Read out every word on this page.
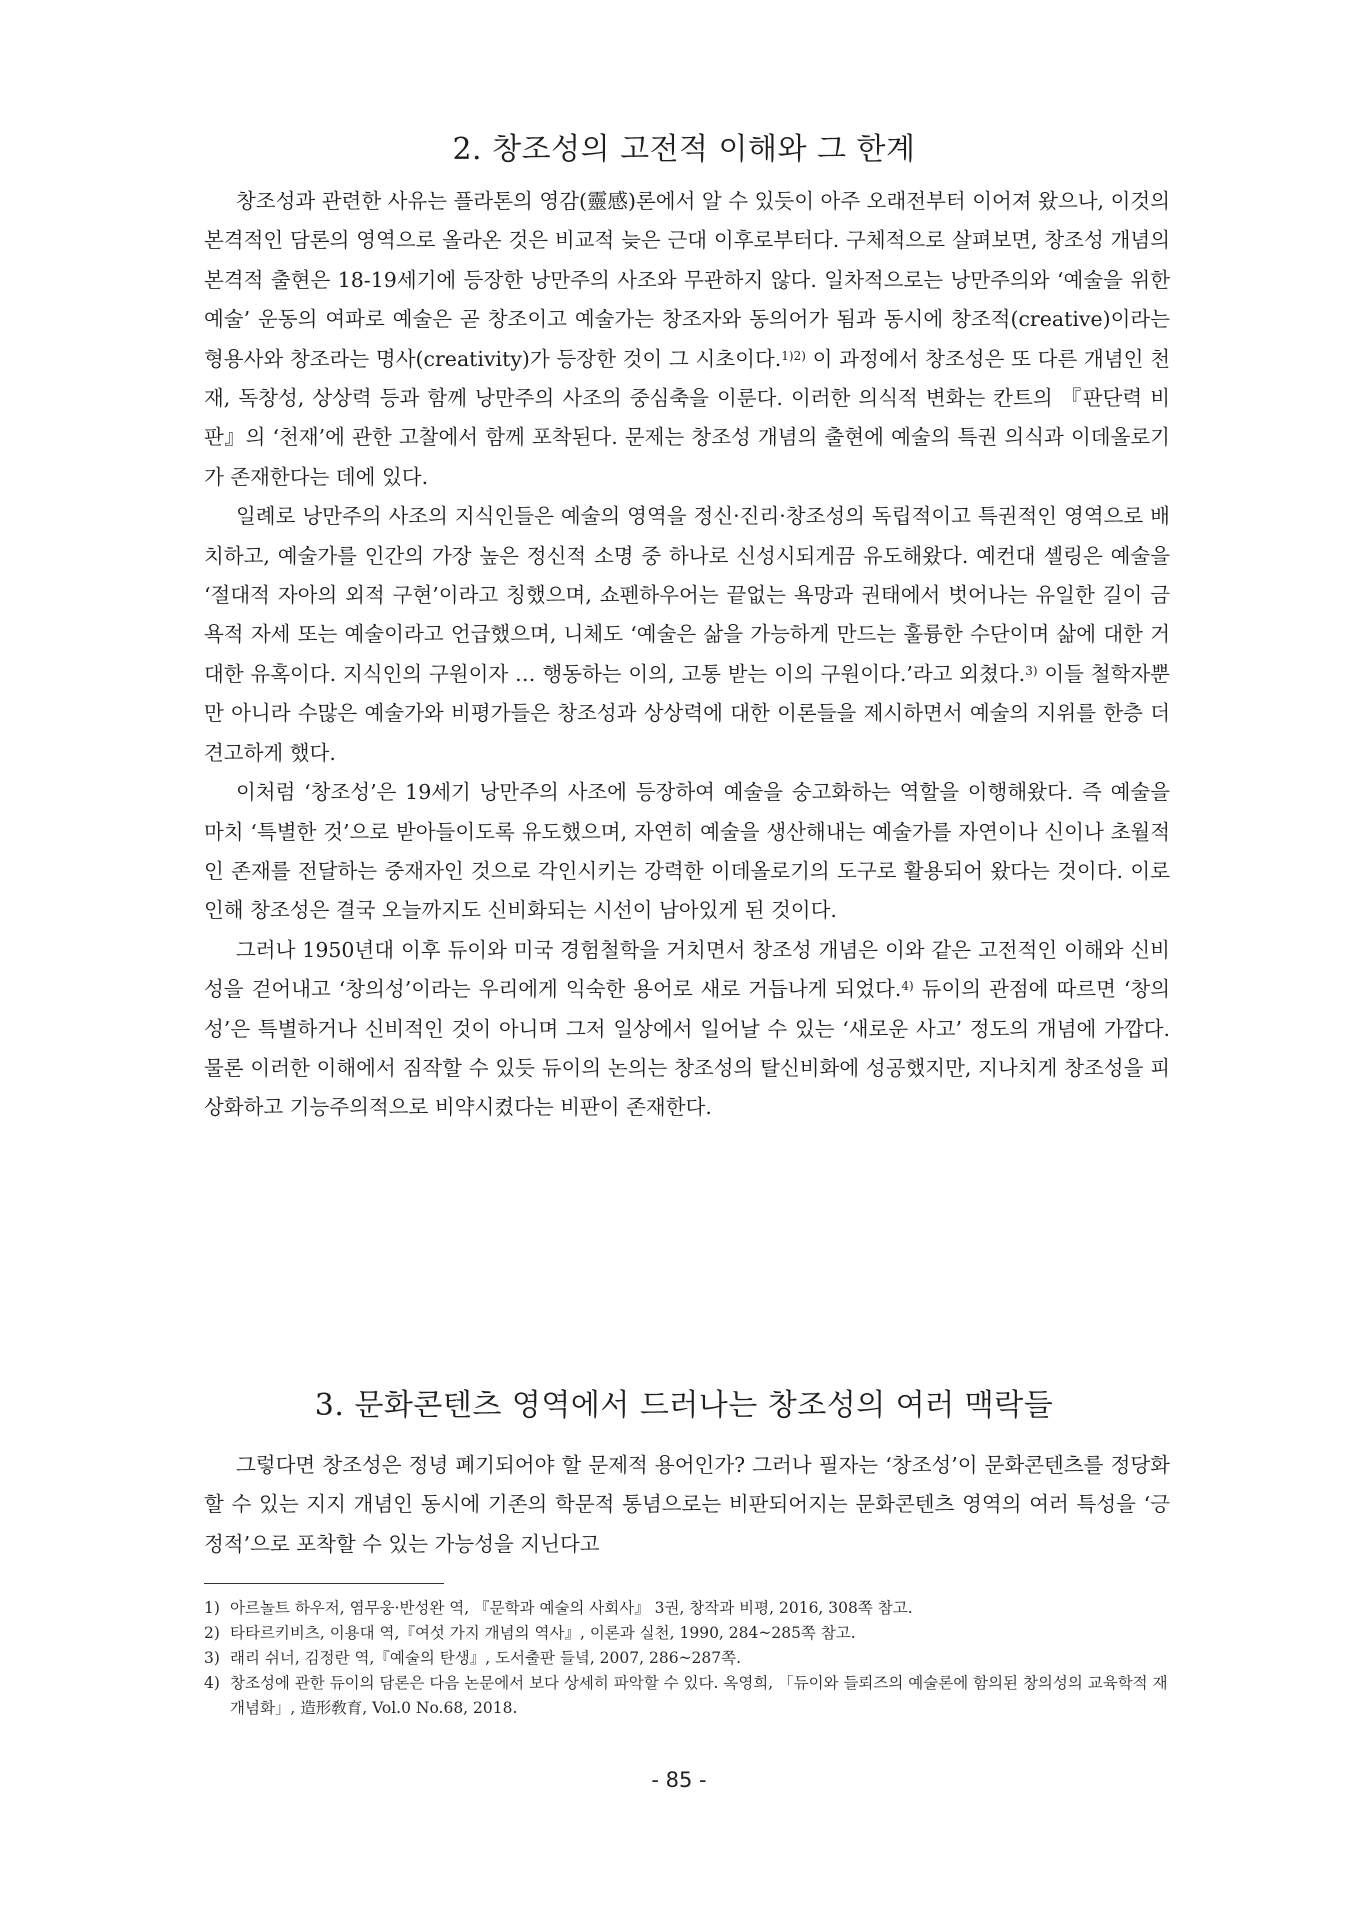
2. 창조성의 고전적 이해와 그 한계

창조성과 관련한 사유는 플라톤의 영감(靈感)론에서 알 수 있듯이 아주 오래전부터 이어져 왔으나, 이것의 본격적인 담론의 영역으로 올라온 것은 비교적 늦은 근대 이후로부터다. 구체적으로 살펴보면, 창조성 개념의 본격적 출현은 18-19세기에 등장한 낭만주의 사조와 무관하지 않다. 일차적으로는 낭만주의와 ‘예술을 위한 예술’ 운동의 여파로 예술은 곧 창조이고 예술가는 창조자와 동의어가 됨과 동시에 창조적(creative)이라는 형용사와 창조라는 명사(creativity)가 등장한 것이 그 시초이다.$^{1)2)}$ 이 과정에서 창조성은 또 다른 개념인 천재, 독창성, 상상력 등과 함께 낭만주의 사조의 중심축을 이룬다. 이러한 의식적 변화는 칸트의 『판단력 비판』의 ‘천재’에 관한 고찰에서 함께 포착된다. 문제는 창조성 개념의 출현에 예술의 특권 의식과 이데올로기가 존재한다는 데에 있다.

일례로 낭만주의 사조의 지식인들은 예술의 영역을 정신·진리·창조성의 독립적이고 특권적인 영역으로 배치하고, 예술가를 인간의 가장 높은 정신적 소명 중 하나로 신성시되게끔 유도해왔다. 예컨대 셸링은 예술을 ‘절대적 자아의 외적 구현’이라고 칭했으며, 쇼펜하우어는 끝없는 욕망과 권태에서 벗어나는 유일한 길이 금욕적 자세 또는 예술이라고 언급했으며, 니체도 ‘예술은 삶을 가능하게 만드는 훌륭한 수단이며 삶에 대한 거대한 유혹이다. 지식인의 구원이자 … 행동하는 이의, 고통 받는 이의 구원이다.’라고 외쳤다.$^{3)}$ 이들 철학자뿐만 아니라 수많은 예술가와 비평가들은 창조성과 상상력에 대한 이론들을 제시하면서 예술의 지위를 한층 더 견고하게 했다.

이처럼 ‘창조성’은 19세기 낭만주의 사조에 등장하여 예술을 숭고화하는 역할을 이행해왔다. 즉 예술을 마치 ‘특별한 것’으로 받아들이도록 유도했으며, 자연히 예술을 생산해내는 예술가를 자연이나 신이나 초월적인 존재를 전달하는 중재자인 것으로 각인시키는 강력한 이데올로기의 도구로 활용되어 왔다는 것이다. 이로 인해 창조성은 결국 오늘까지도 신비화되는 시선이 남아있게 된 것이다.

그러나 1950년대 이후 듀이와 미국 경험철학을 거치면서 창조성 개념은 이와 같은 고전적인 이해와 신비성을 걷어내고 ‘창의성’이라는 우리에게 익숙한 용어로 새로 거듭나게 되었다.$^{4)}$ 듀이의 관점에 따르면 ‘창의성’은 특별하거나 신비적인 것이 아니며 그저 일상에서 일어날 수 있는 ‘새로운 사고’ 정도의 개념에 가깝다. 물론 이러한 이해에서 짐작할 수 있듯 듀이의 논의는 창조성의 탈신비화에 성공했지만, 지나치게 창조성을 피상화하고 기능주의적으로 비약시켰다는 비판이 존재한다.

3. 문화콘텐츠 영역에서 드러나는 창조성의 여러 맥락들

그렇다면 창조성은 정녕 폐기되어야 할 문제적 용어인가? 그러나 필자는 ‘창조성’이 문화콘텐츠를 정당화할 수 있는 지지 개념인 동시에 기존의 학문적 통념으로는 비판되어지는 문화콘텐츠 영역의 여러 특성을 ‘긍정적’으로 포착할 수 있는 가능성을 지닌다고

1) 아르놀트 하우저, 염무웅·반성완 역, 『문학과 예술의 사회사』 3권, 창작과 비평, 2016, 308쪽 참고.
2) 타타르키비츠, 이용대 역,『여섯 가지 개념의 역사』, 이론과 실천, 1990, 284~285쪽 참고.
3) 래리 쉬너, 김정란 역,『예술의 탄생』, 도서출판 들녘, 2007, 286~287쪽.
4) 창조성에 관한 듀이의 담론은 다음 논문에서 보다 상세히 파악할 수 있다. 옥영희, 「듀이와 들뢰즈의 예술론에 함의된 창의성의 교육학적 재개념화」, 造形敎育, Vol.0 No.68, 2018.
- 85 -
